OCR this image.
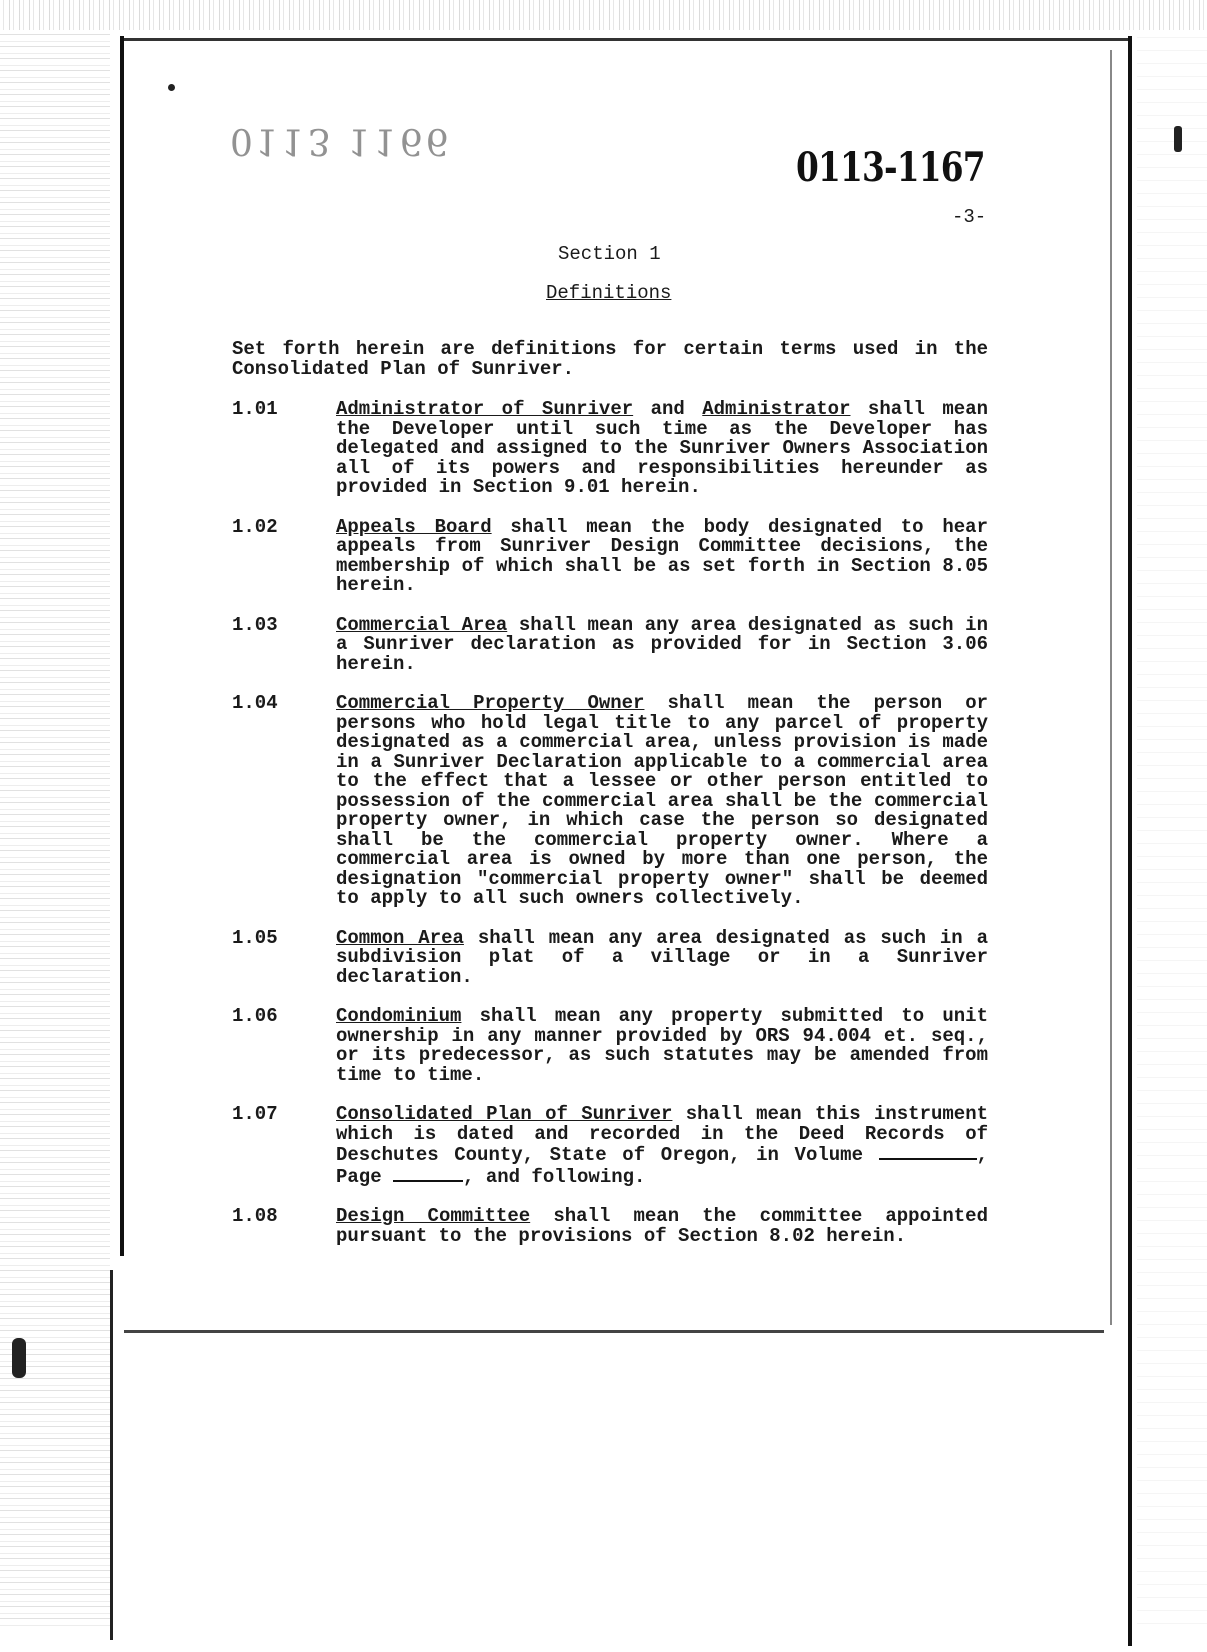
0113 1166
0113-1167
-3-
Section 1
Definitions
Set forth herein are definitions for certain terms used in the Consolidated Plan of Sunriver.
1.01	Administrator of Sunriver and Administrator shall mean the Developer until such time as the Developer has delegated and assigned to the Sunriver Owners Association all of its powers and responsibilities hereunder as provided in Section 9.01 herein.
1.02	Appeals Board shall mean the body designated to hear appeals from Sunriver Design Committee decisions, the membership of which shall be as set forth in Section 8.05 herein.
1.03	Commercial Area shall mean any area designated as such in a Sunriver declaration as provided for in Section 3.06 herein.
1.04	Commercial Property Owner shall mean the person or persons who hold legal title to any parcel of property designated as a commercial area, unless provision is made in a Sunriver Declaration applicable to a commercial area to the effect that a lessee or other person entitled to possession of the commercial area shall be the commercial property owner, in which case the person so designated shall be the commercial property owner. Where a commercial area is owned by more than one person, the designation "commercial property owner" shall be deemed to apply to all such owners collectively.
1.05	Common Area shall mean any area designated as such in a subdivision plat of a village or in a Sunriver declaration.
1.06	Condominium shall mean any property submitted to unit ownership in any manner provided by ORS 94.004 et. seq., or its predecessor, as such statutes may be amended from time to time.
1.07	Consolidated Plan of Sunriver shall mean this instrument which is dated and recorded in the Deed Records of Deschutes County, State of Oregon, in Volume	, Page	, and following.
1.08	Design Committee shall mean the committee appointed pursuant to the provisions of Section 8.02 herein.
